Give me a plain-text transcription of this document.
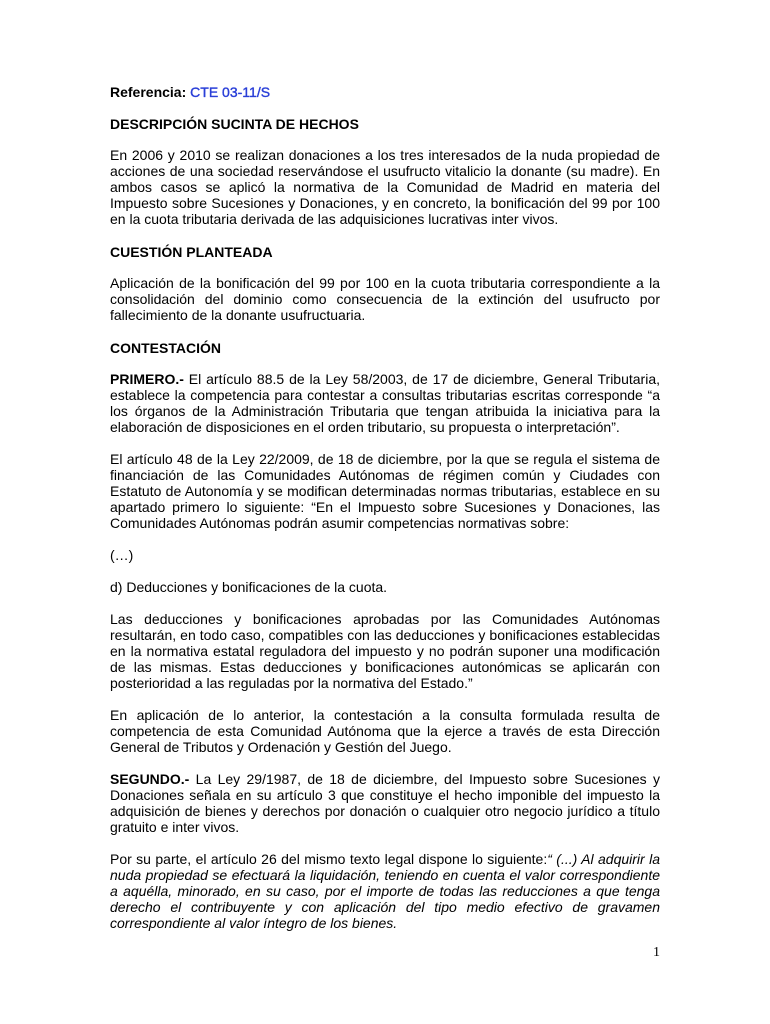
Referencia: CTE 03-11/S
DESCRIPCIÓN SUCINTA DE HECHOS

En 2006 y 2010 se realizan donaciones a los tres interesados de la nuda propiedad de acciones de una sociedad reservándose el usufructo vitalicio la donante (su madre). En ambos casos se aplicó la normativa de la Comunidad de Madrid en materia del Impuesto sobre Sucesiones y Donaciones, y en concreto, la bonificación del 99 por 100 en la cuota tributaria derivada de las adquisiciones lucrativas inter vivos.

CUESTIÓN PLANTEADA

Aplicación de la bonificación del 99 por 100 en la cuota tributaria correspondiente a la consolidación del dominio como consecuencia de la extinción del usufructo por fallecimiento de la donante usufructuaria.

CONTESTACIÓN

PRIMERO.- El artículo 88.5 de la Ley 58/2003, de 17 de diciembre, General Tributaria, establece la competencia para contestar a consultas tributarias escritas corresponde “a los órganos de la Administración Tributaria que tengan atribuida la iniciativa para la elaboración de disposiciones en el orden tributario, su propuesta o interpretación”.

El artículo 48 de la Ley 22/2009, de 18 de diciembre, por la que se regula el sistema de financiación de las Comunidades Autónomas de régimen común y Ciudades con Estatuto de Autonomía y se modifican determinadas normas tributarias, establece en su apartado primero lo siguiente: “En el Impuesto sobre Sucesiones y Donaciones, las Comunidades Autónomas podrán asumir competencias normativas sobre:

(…)

d) Deducciones y bonificaciones de la cuota.

Las deducciones y bonificaciones aprobadas por las Comunidades Autónomas resultarán, en todo caso, compatibles con las deducciones y bonificaciones establecidas en la normativa estatal reguladora del impuesto y no podrán suponer una modificación de las mismas. Estas deducciones y bonificaciones autonómicas se aplicarán con posterioridad a las reguladas por la normativa del Estado.”

En aplicación de lo anterior, la contestación a la consulta formulada resulta de competencia de esta Comunidad Autónoma que la ejerce a través de esta Dirección General de Tributos y Ordenación y Gestión del Juego.

SEGUNDO.- La Ley 29/1987, de 18 de diciembre, del Impuesto sobre Sucesiones y Donaciones señala en su artículo 3 que constituye el hecho imponible del impuesto la adquisición de bienes y derechos por donación o cualquier otro negocio jurídico a título gratuito e inter vivos.

Por su parte, el artículo 26 del mismo texto legal dispone lo siguiente:“ (...) Al adquirir la nuda propiedad se efectuará la liquidación, teniendo en cuenta el valor correspondiente a aquélla, minorado, en su caso, por el importe de todas las reducciones a que tenga derecho el contribuyente y con aplicación del tipo medio efectivo de gravamen correspondiente al valor íntegro de los bienes.

1
